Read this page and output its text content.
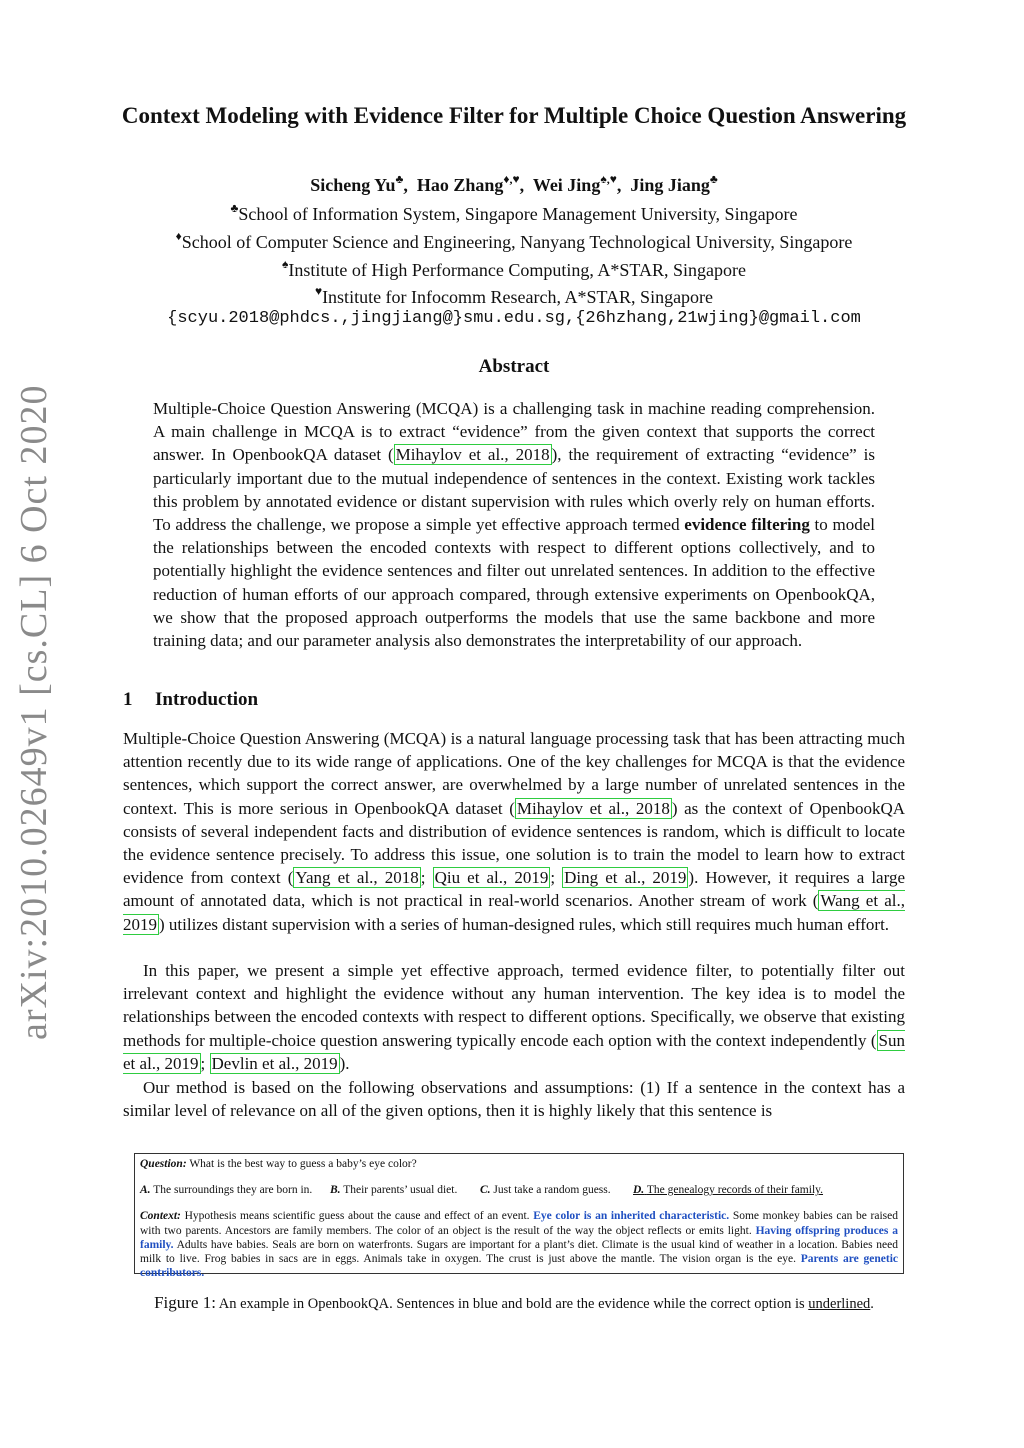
arXiv:2010.02649v1 [cs.CL] 6 Oct 2020
Context Modeling with Evidence Filter for Multiple Choice Question Answering
Sicheng Yu♣,  Hao Zhang♦,♥,  Wei Jing♠,♥,  Jing Jiang♣
♣School of Information System, Singapore Management University, Singapore
♦School of Computer Science and Engineering, Nanyang Technological University, Singapore
♠Institute of High Performance Computing, A*STAR, Singapore
♥Institute for Infocomm Research, A*STAR, Singapore
{scyu.2018@phdcs.,jingjiang@}smu.edu.sg,{26hzhang,21wjing}@gmail.com
Abstract

Multiple-Choice Question Answering (MCQA) is a challenging task in machine reading comprehension. A main challenge in MCQA is to extract “evidence” from the given context that supports the correct answer. In OpenbookQA dataset ( Mihaylov et al., 2018 ), the requirement of extracting “evidence” is particularly important due to the mutual independence of sentences in the context. Existing work tackles this problem by annotated evidence or distant supervision with rules which overly rely on human efforts. To address the challenge, we propose a simple yet effective approach termed evidence filtering to model the relationships between the encoded contexts with respect to different options collectively, and to potentially highlight the evidence sentences and filter out unrelated sentences. In addition to the effective reduction of human efforts of our approach compared, through extensive experiments on OpenbookQA, we show that the proposed approach outperforms the models that use the same backbone and more training data; and our parameter analysis also demonstrates the interpretability of our approach.

1 Introduction

Multiple-Choice Question Answering (MCQA) is a natural language processing task that has been attracting much attention recently due to its wide range of applications. One of the key challenges for MCQA is that the evidence sentences, which support the correct answer, are overwhelmed by a large number of unrelated sentences in the context. This is more serious in OpenbookQA dataset ( Mihaylov et al., 2018 ) as the context of OpenbookQA consists of several independent facts and distribution of evidence sentences is random, which is difficult to locate the evidence sentence precisely. To address this issue, one solution is to train the model to learn how to extract evidence from context ( Yang et al., 2018 ; Qiu et al., 2019 ; Ding et al., 2019 ). However, it requires a large amount of annotated data, which is not practical in real-world scenarios. Another stream of work ( Wang et al., 2019 ) utilizes distant supervision with a series of human-designed rules, which still requires much human effort.

In this paper, we present a simple yet effective approach, termed evidence filter, to potentially filter out irrelevant context and highlight the evidence without any human intervention. The key idea is to model the relationships between the encoded contexts with respect to different options. Specifically, we observe that existing methods for multiple-choice question answering typically encode each option with the context independently ( Sun et al., 2019 ; Devlin et al., 2019 ).

Our method is based on the following observations and assumptions: (1) If a sentence in the context has a similar level of relevance on all of the given options, then it is highly likely that this sentence is

Question: What is the best way to guess a baby’s eye color?

A. The surroundings they are born in. B. Their parents’ usual diet. C. Just take a random guess. D. The genealogy records of their family.

Context: Hypothesis means scientific guess about the cause and effect of an event. Eye color is an inherited characteristic. Some monkey babies can be raised with two parents. Ancestors are family members. The color of an object is the result of the way the object reflects or emits light. Having offspring produces a family. Adults have babies. Seals are born on waterfronts. Sugars are important for a plant’s diet. Climate is the usual kind of weather in a location. Babies need milk to live. Frog babies in sacs are in eggs. Animals take in oxygen. The crust is just above the mantle. The vision organ is the eye. Parents are genetic contributors.

Figure 1: An example in OpenbookQA. Sentences in blue and bold are the evidence while the correct option is underlined.
